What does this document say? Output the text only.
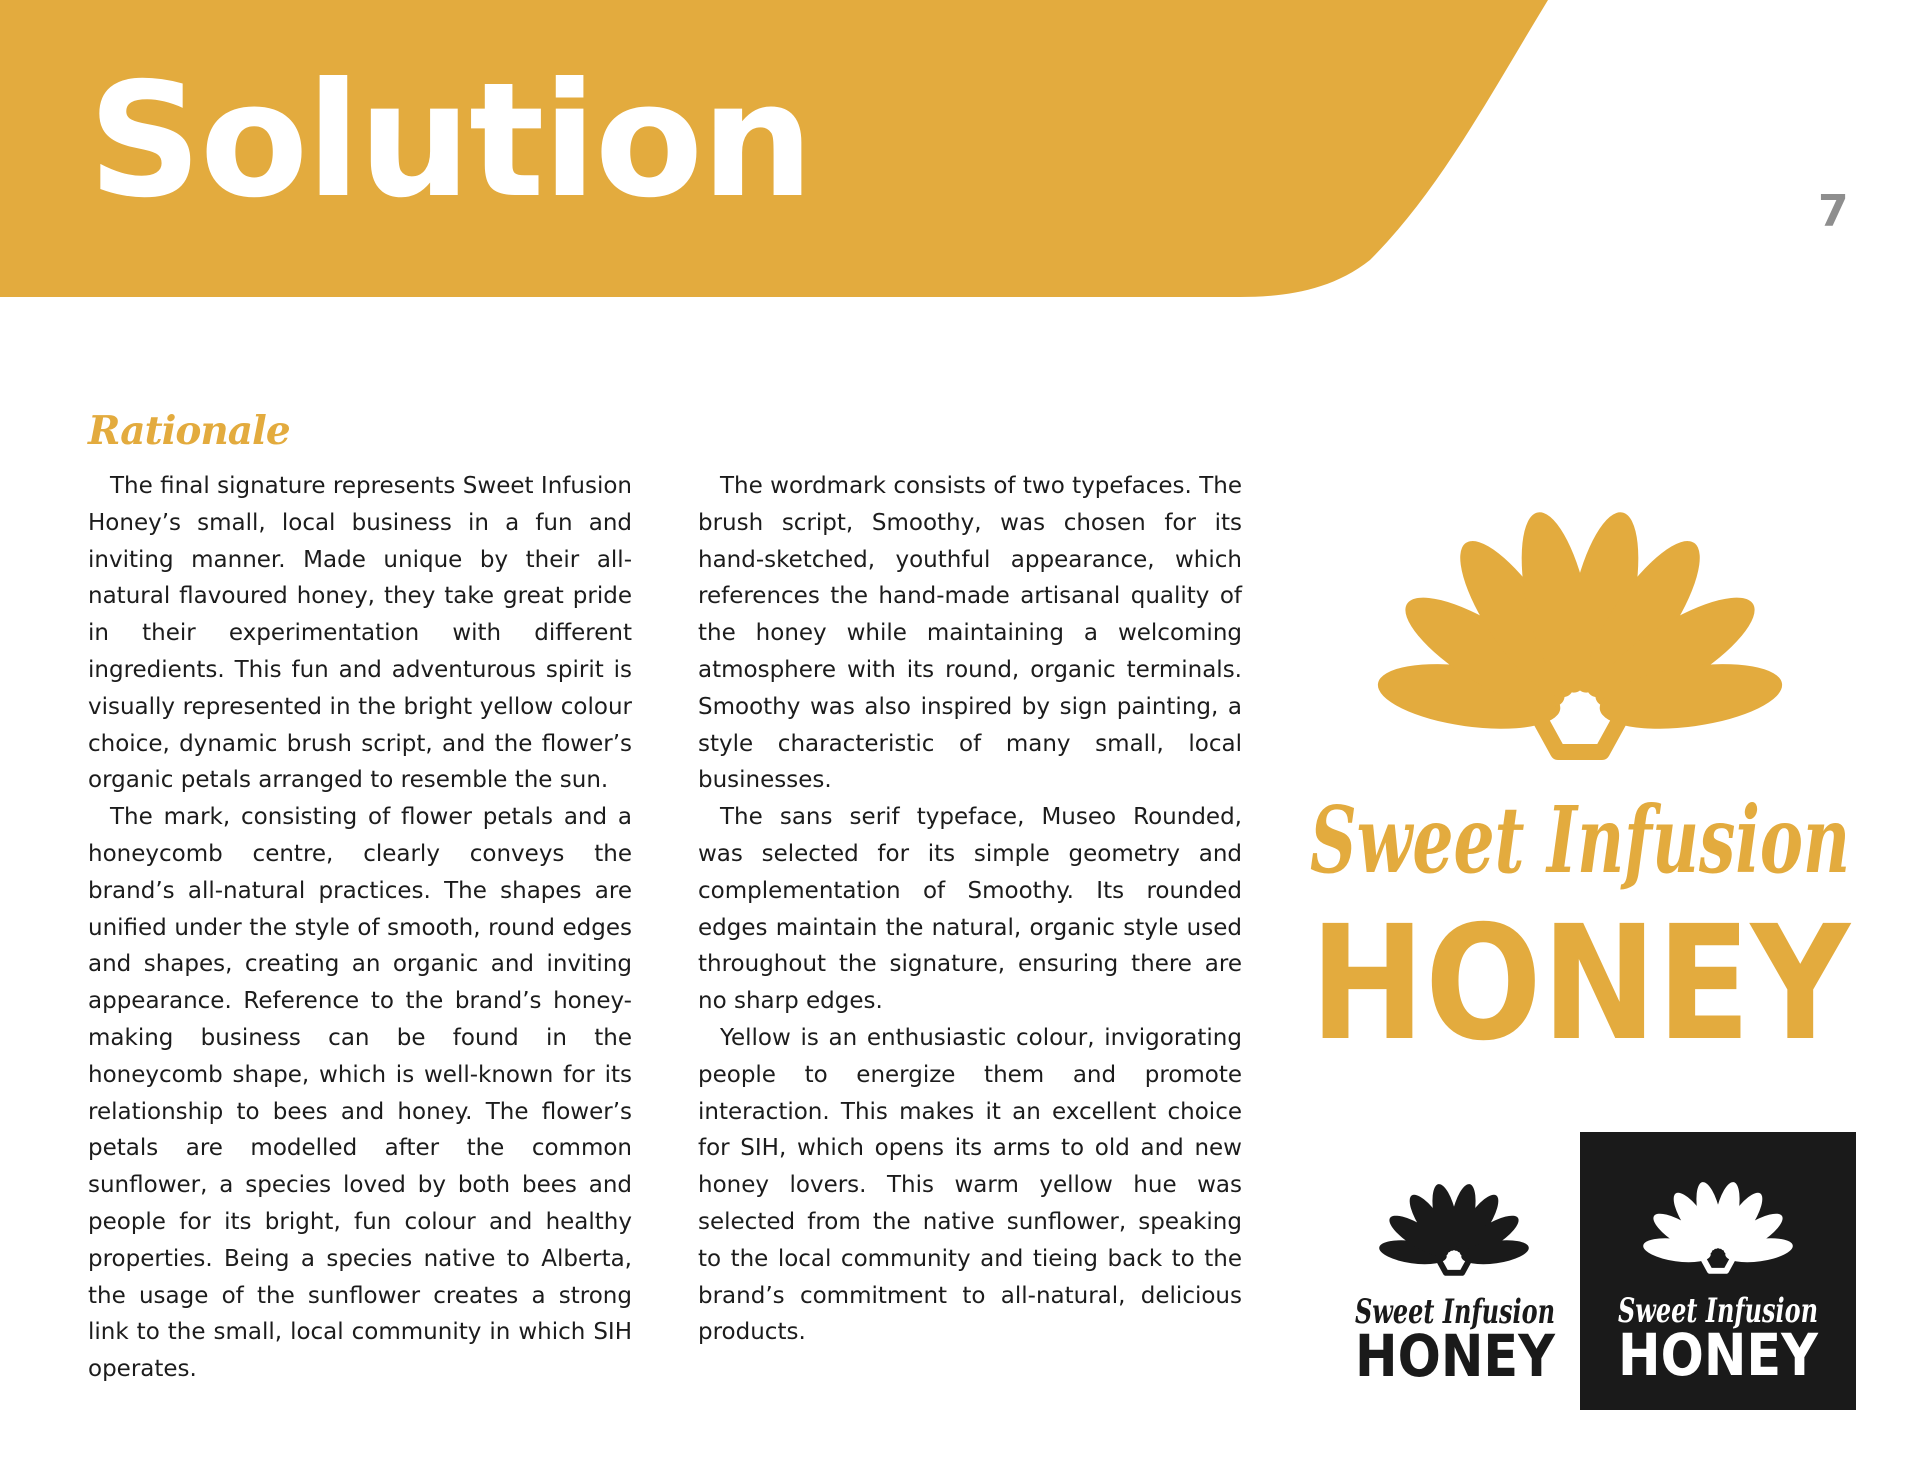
Solution	7
Rationale

The final signature represents Sweet Infusion Honey’s small, local business in a fun and inviting manner. Made unique by their all-natural flavoured honey, they take great pride in their experimentation with different ingredients. This fun and adventurous spirit is visually represented in the bright yellow colour choice, dynamic brush script, and the flower’s organic petals arranged to resemble the sun.

The mark, consisting of flower petals and a honeycomb centre, clearly conveys the brand’s all-natural practices. The shapes are unified under the style of smooth, round edges and shapes, creating an organic and inviting appearance. Reference to the brand’s honey-making business can be found in the honeycomb shape, which is well-known for its relationship to bees and honey. The flower’s petals are modelled after the common sunflower, a species loved by both bees and people for its bright, fun colour and healthy properties. Being a species native to Alberta, the usage of the sunflower creates a strong link to the small, local community in which SIH operates.

The wordmark consists of two typefaces. The brush script, Smoothy, was chosen for its hand-sketched, youthful appearance, which references the hand-made artisanal quality of the honey while maintaining a welcoming atmosphere with its round, organic terminals. Smoothy was also inspired by sign painting, a style characteristic of many small, local businesses.

The sans serif typeface, Museo Rounded, was selected for its simple geometry and complementation of Smoothy. Its rounded edges maintain the natural, organic style used throughout the signature, ensuring there are no sharp edges.

Yellow is an enthusiastic colour, invigorating people to energize them and promote interaction. This makes it an excellent choice for SIH, which opens its arms to old and new honey lovers. This warm yellow hue was selected from the native sunflower, speaking to the local community and tieing back to the brand’s commitment to all-natural, delicious products.

Sweet Infusion
HONEY
Sweet Infusion
HONEY
Sweet Infusion
HONEY
